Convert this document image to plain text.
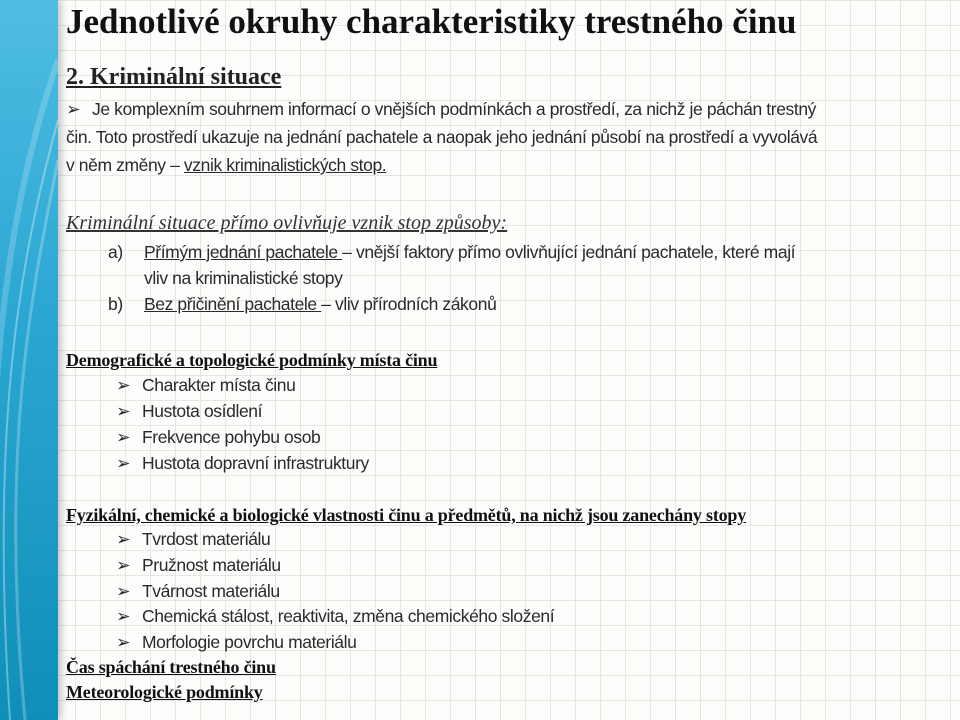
Jednotlivé okruhy charakteristiky trestného činu
2. Kriminální situace
➢ Je komplexním souhrnem informací o vnějších podmínkách a prostředí, za nichž je páchán trestný
čin. Toto prostředí ukazuje na jednání pachatele a naopak jeho jednání působí na prostředí a vyvolává
v něm změny – vznik kriminalistických stop.
Kriminální situace přímo ovlivňuje vznik stop způsoby:
a) Přímým jednání pachatele – vnější faktory přímo ovlivňující jednání pachatele, které mají
vliv na kriminalistické stopy
b) Bez přičinění pachatele – vliv přírodních zákonů
Demografické a topologické podmínky místa činu
➢ Charakter místa činu
➢ Hustota osídlení
➢ Frekvence pohybu osob
➢ Hustota dopravní infrastruktury
Fyzikální, chemické a biologické vlastnosti činu a předmětů, na nichž jsou zanechány stopy
➢ Tvrdost materiálu
➢ Pružnost materiálu
➢ Tvárnost materiálu
➢ Chemická stálost, reaktivita, změna chemického složení
➢ Morfologie povrchu materiálu
Čas spáchání trestného činu
Meteorologické podmínky
